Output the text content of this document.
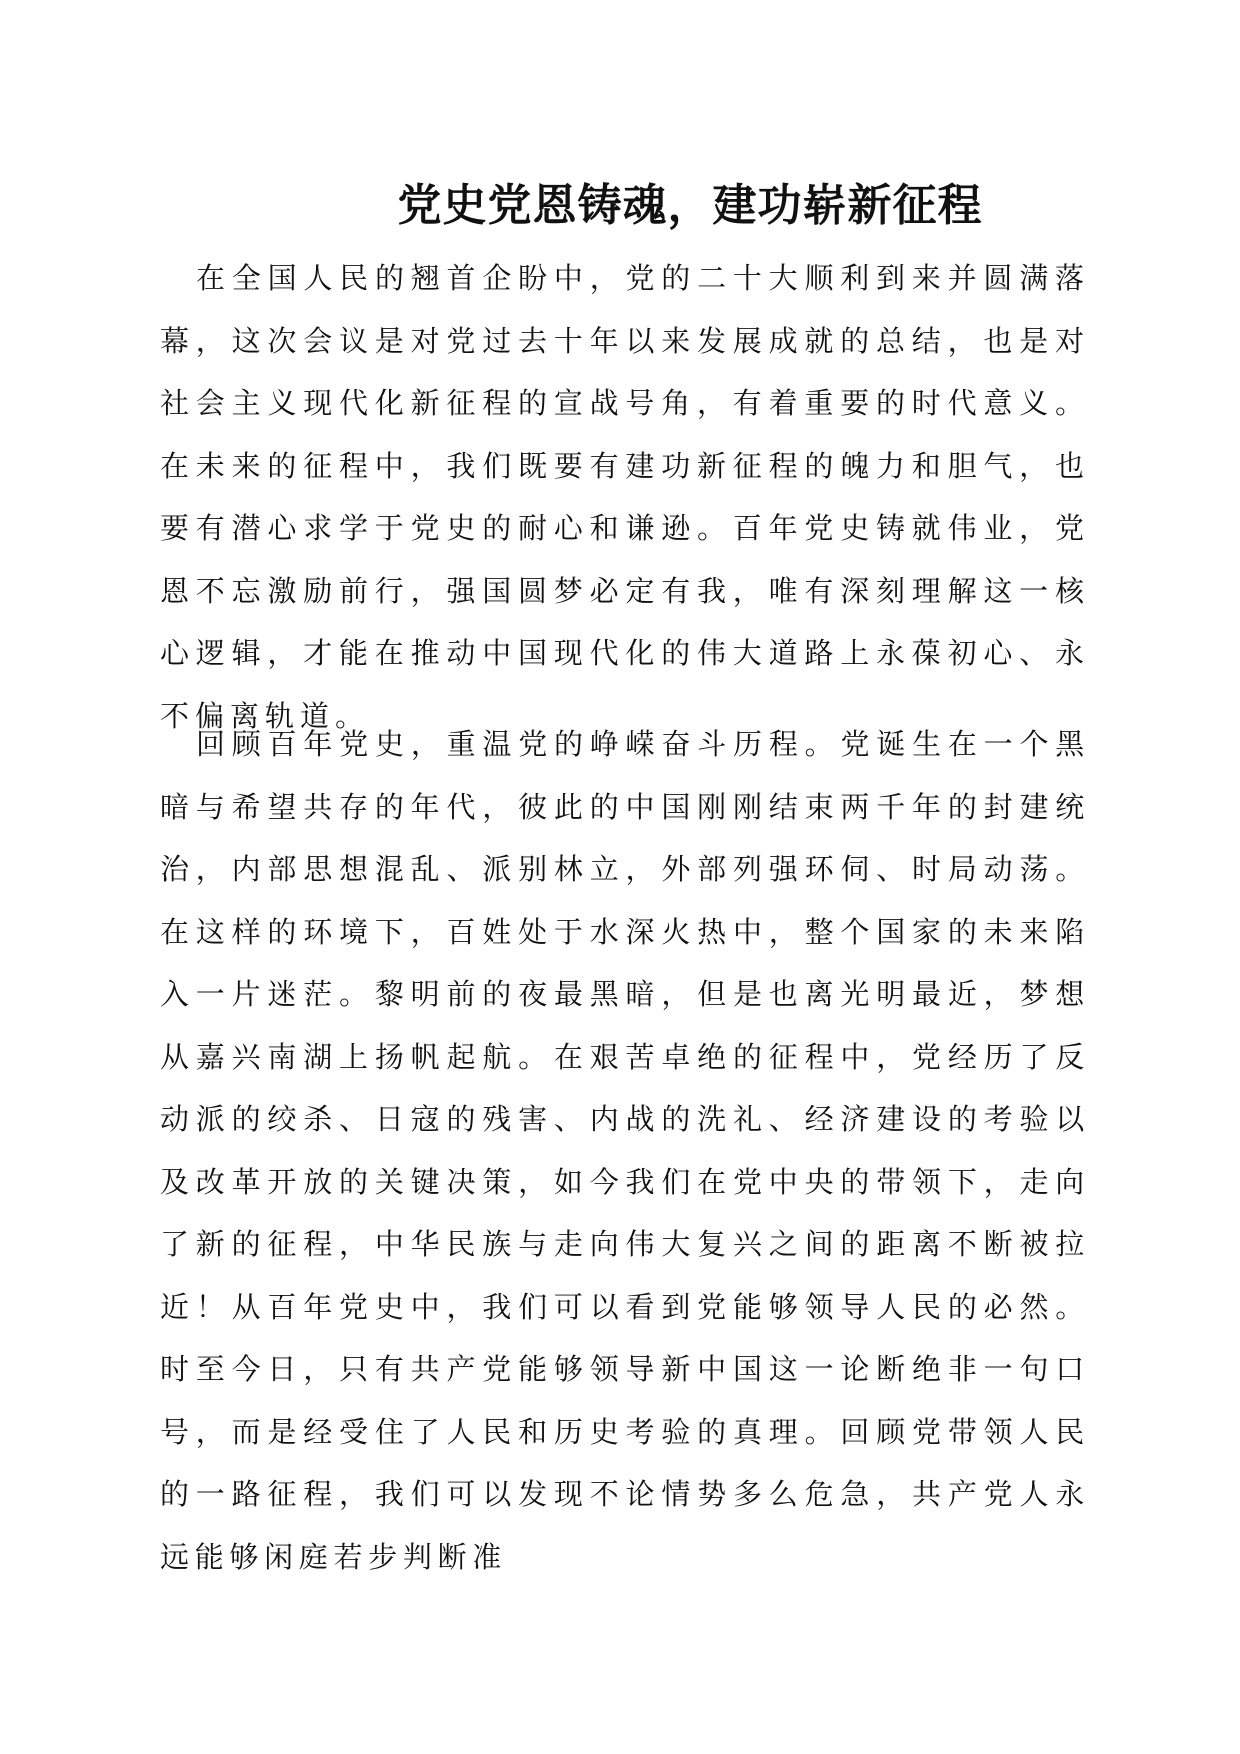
党史党恩铸魂，建功崭新征程

在全国人民的翘首企盼中，党的二十大顺利到来并圆满落幕，这次会议是对党过去十年以来发展成就的总结，也是对社会主义现代化新征程的宣战号角，有着重要的时代意义。在未来的征程中，我们既要有建功新征程的魄力和胆气，也要有潜心求学于党史的耐心和谦逊。百年党史铸就伟业，党恩不忘激励前行，强国圆梦必定有我，唯有深刻理解这一核心逻辑，才能在推动中国现代化的伟大道路上永葆初心、永不偏离轨道。

回顾百年党史，重温党的峥嵘奋斗历程。党诞生在一个黑暗与希望共存的年代，彼此的中国刚刚结束两千年的封建统治，内部思想混乱、派别林立，外部列强环伺、时局动荡。在这样的环境下，百姓处于水深火热中，整个国家的未来陷入一片迷茫。黎明前的夜最黑暗，但是也离光明最近，梦想从嘉兴南湖上扬帆起航。在艰苦卓绝的征程中，党经历了反动派的绞杀、日寇的残害、内战的洗礼、经济建设的考验以及改革开放的关键决策，如今我们在党中央的带领下，走向了新的征程，中华民族与走向伟大复兴之间的距离不断被拉近！从百年党史中，我们可以看到党能够领导人民的必然。时至今日，只有共产党能够领导新中国这一论断绝非一句口号，而是经受住了人民和历史考验的真理。回顾党带领人民的一路征程，我们可以发现不论情势多么危急，共产党人永远能够闲庭若步判断准
